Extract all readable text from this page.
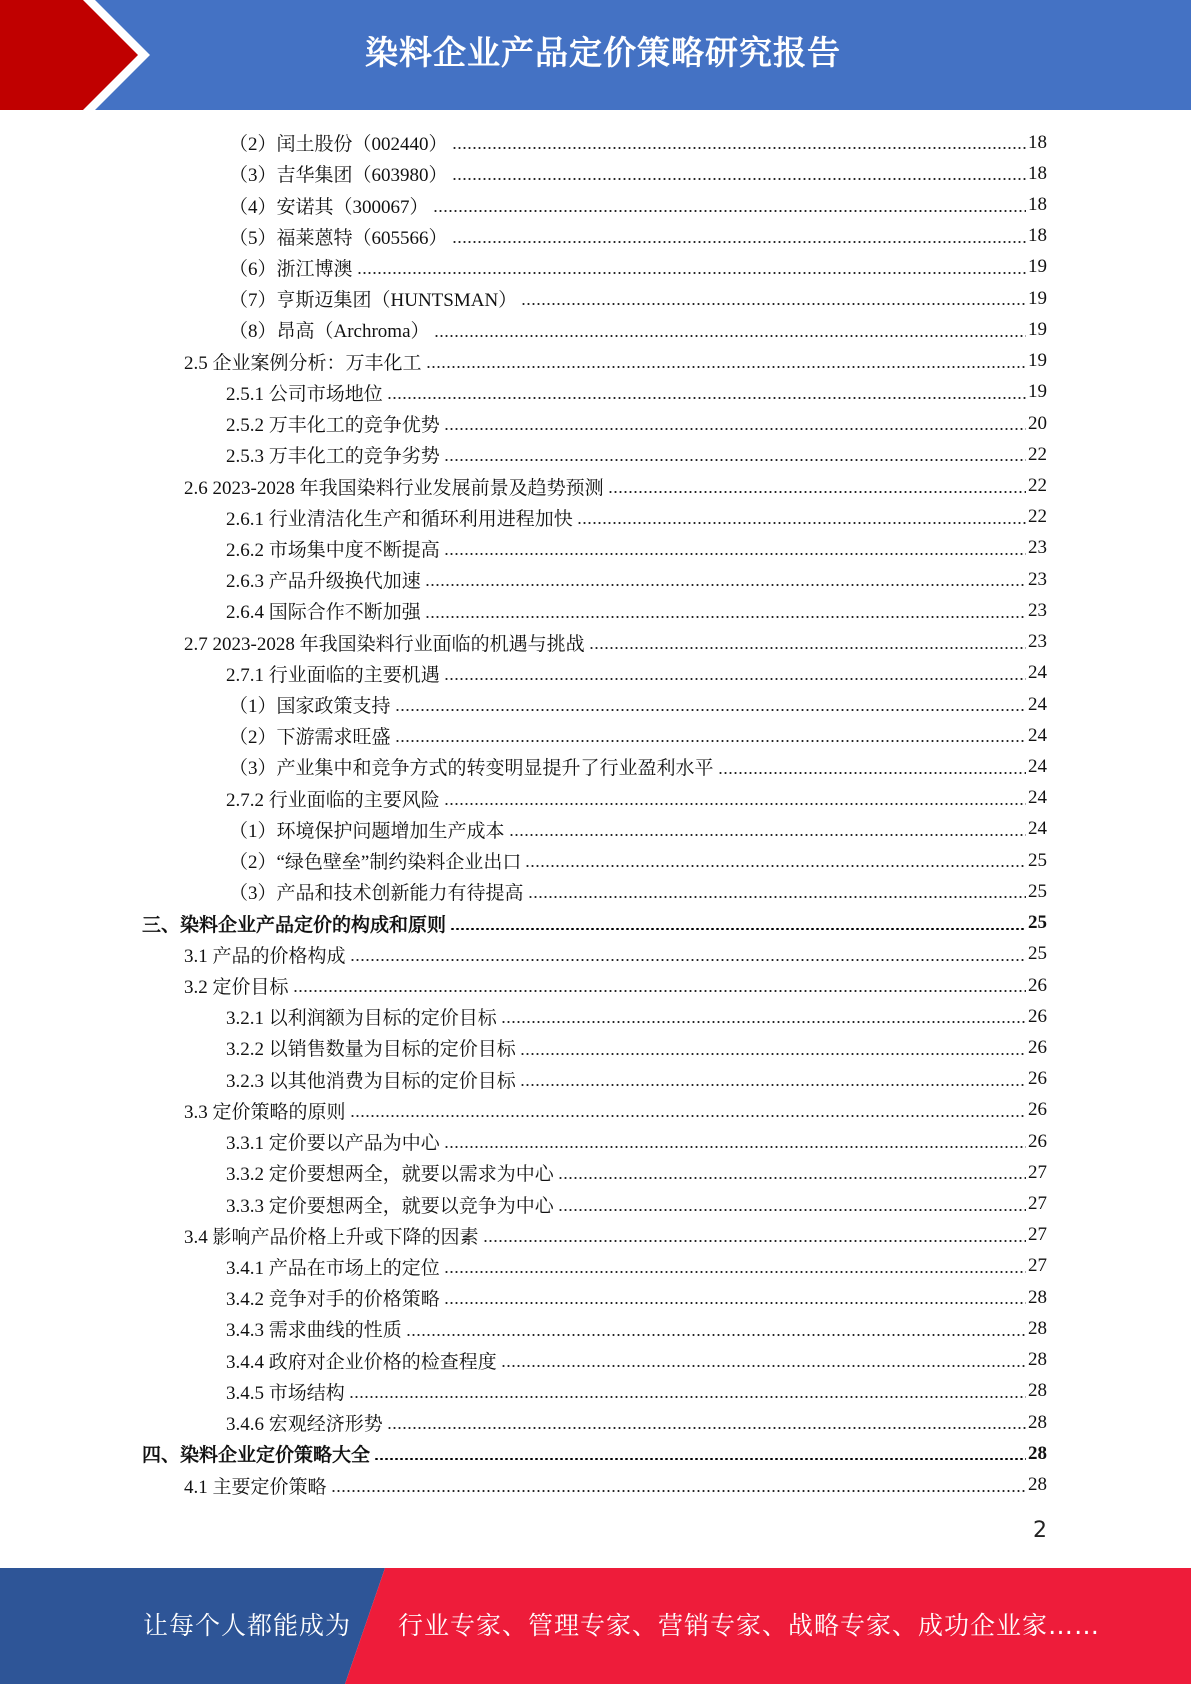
染料企业产品定价策略研究报告
（2）闰土股份（002440）	18
（3）吉华集团（603980）	18
（4）安诺其（300067）	18
（5）福莱蒽特（605566）	18
（6）浙江博澳	19
（7）亨斯迈集团（HUNTSMAN）	19
（8）昂高（Archroma）	19
2.5 企业案例分析：万丰化工	19
2.5.1 公司市场地位	19
2.5.2 万丰化工的竞争优势	20
2.5.3 万丰化工的竞争劣势	22
2.6 2023-2028 年我国染料行业发展前景及趋势预测	22
2.6.1 行业清洁化生产和循环利用进程加快	22
2.6.2 市场集中度不断提高	23
2.6.3 产品升级换代加速	23
2.6.4 国际合作不断加强	23
2.7 2023-2028 年我国染料行业面临的机遇与挑战	23
2.7.1 行业面临的主要机遇	24
（1）国家政策支持	24
（2）下游需求旺盛	24
（3）产业集中和竞争方式的转变明显提升了行业盈利水平	24
2.7.2 行业面临的主要风险	24
（1）环境保护问题增加生产成本	24
（2）“绿色壁垒”制约染料企业出口	25
（3）产品和技术创新能力有待提高	25
三、染料企业产品定价的构成和原则	25
3.1 产品的价格构成	25
3.2 定价目标	26
3.2.1 以利润额为目标的定价目标	26
3.2.2 以销售数量为目标的定价目标	26
3.2.3 以其他消费为目标的定价目标	26
3.3 定价策略的原则	26
3.3.1 定价要以产品为中心	26
3.3.2 定价要想两全，就要以需求为中心	27
3.3.3 定价要想两全，就要以竞争为中心	27
3.4 影响产品价格上升或下降的因素	27
3.4.1 产品在市场上的定位	27
3.4.2 竞争对手的价格策略	28
3.4.3 需求曲线的性质	28
3.4.4 政府对企业价格的检查程度	28
3.4.5 市场结构	28
3.4.6 宏观经济形势	28
四、染料企业定价策略大全	28
4.1 主要定价策略	28
2
让每个人都能成为 行业专家、管理专家、营销专家、战略专家、成功企业家……
